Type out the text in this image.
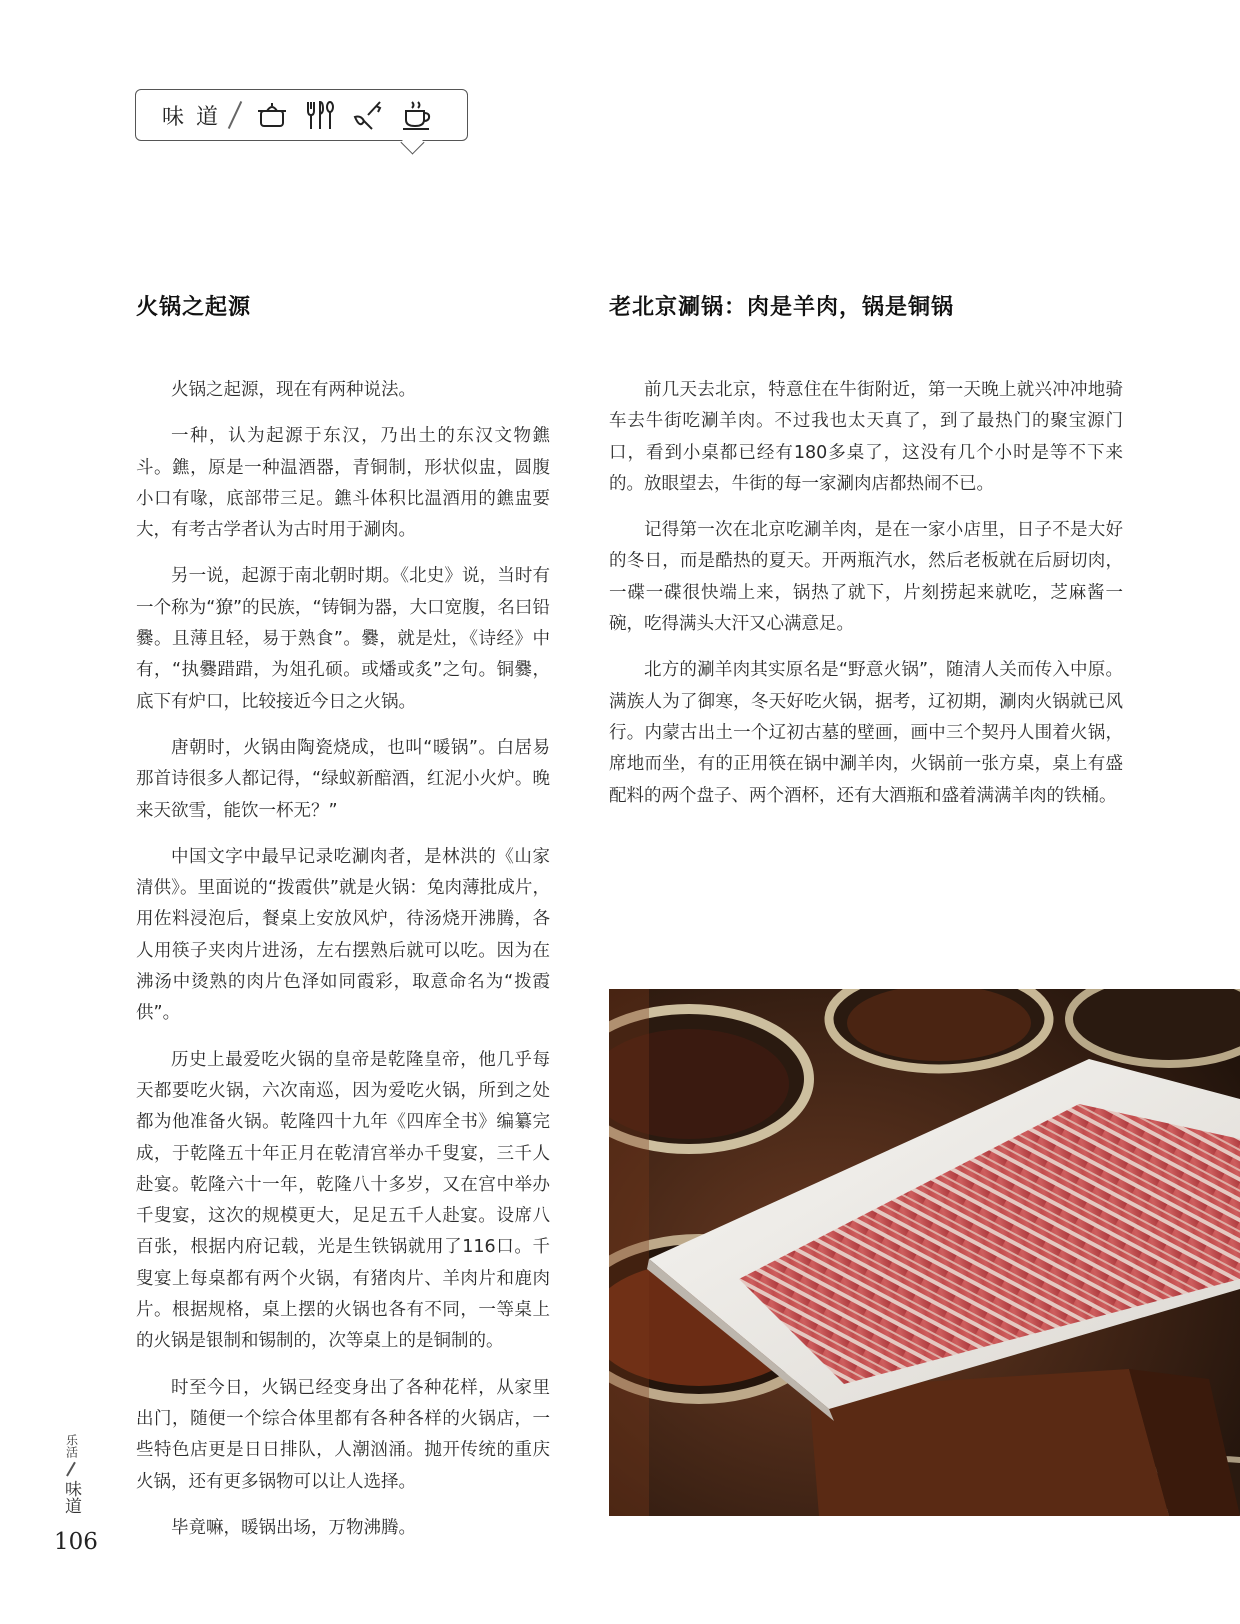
味道
火锅之起源	老北京涮锅：肉是羊肉，锅是铜锅

火锅之起源，现在有两种说法。

一种，认为起源于东汉，乃出土的东汉文物鐎斗。鐎，原是一种温酒器，青铜制，形状似盅，圆腹小口有喙，底部带三足。鐎斗体积比温酒用的鐎盅要大，有考古学者认为古时用于涮肉。

另一说，起源于南北朝时期。《北史》说，当时有一个称为“獠”的民族，“铸铜为器，大口宽腹，名曰铅爨。且薄且轻，易于熟食”。爨，就是灶，《诗经》中有，“执爨踖踖，为俎孔硕。或燔或炙”之句。铜爨，底下有炉口，比较接近今日之火锅。

唐朝时，火锅由陶瓷烧成，也叫“暖锅”。白居易那首诗很多人都记得，“绿蚁新醅酒，红泥小火炉。晚来天欲雪，能饮一杯无？”

中国文字中最早记录吃涮肉者，是林洪的《山家清供》。里面说的“拨霞供”就是火锅：兔肉薄批成片，用佐料浸泡后，餐桌上安放风炉，待汤烧开沸腾，各人用筷子夹肉片进汤，左右摆熟后就可以吃。因为在沸汤中烫熟的肉片色泽如同霞彩，取意命名为“拨霞供”。

历史上最爱吃火锅的皇帝是乾隆皇帝，他几乎每天都要吃火锅，六次南巡，因为爱吃火锅，所到之处都为他准备火锅。乾隆四十九年《四库全书》编纂完成，于乾隆五十年正月在乾清宫举办千叟宴，三千人赴宴。乾隆六十一年，乾隆八十多岁，又在宫中举办千叟宴，这次的规模更大，足足五千人赴宴。设席八百张，根据内府记载，光是生铁锅就用了116口。千叟宴上每桌都有两个火锅，有猪肉片、羊肉片和鹿肉片。根据规格，桌上摆的火锅也各有不同，一等桌上的火锅是银制和锡制的，次等桌上的是铜制的。

时至今日，火锅已经变身出了各种花样，从家里出门，随便一个综合体里都有各种各样的火锅店，一些特色店更是日日排队，人潮汹涌。抛开传统的重庆火锅，还有更多锅物可以让人选择。

毕竟嘛，暖锅出场，万物沸腾。

前几天去北京，特意住在牛街附近，第一天晚上就兴冲冲地骑车去牛街吃涮羊肉。不过我也太天真了，到了最热门的聚宝源门口，看到小桌都已经有180多桌了，这没有几个小时是等不下来的。放眼望去，牛街的每一家涮肉店都热闹不已。

记得第一次在北京吃涮羊肉，是在一家小店里，日子不是大好的冬日，而是酷热的夏天。开两瓶汽水，然后老板就在后厨切肉，一碟一碟很快端上来，锅热了就下，片刻捞起来就吃，芝麻酱一碗，吃得满头大汗又心满意足。

北方的涮羊肉其实原名是“野意火锅”，随清人关而传入中原。满族人为了御寒，冬天好吃火锅，据考，辽初期，涮肉火锅就已风行。内蒙古出土一个辽初古墓的壁画，画中三个契丹人围着火锅，席地而坐，有的正用筷在锅中涮羊肉，火锅前一张方桌，桌上有盛配料的两个盘子、两个酒杯，还有大酒瓶和盛着满满羊肉的铁桶。

乐活
味道
106
